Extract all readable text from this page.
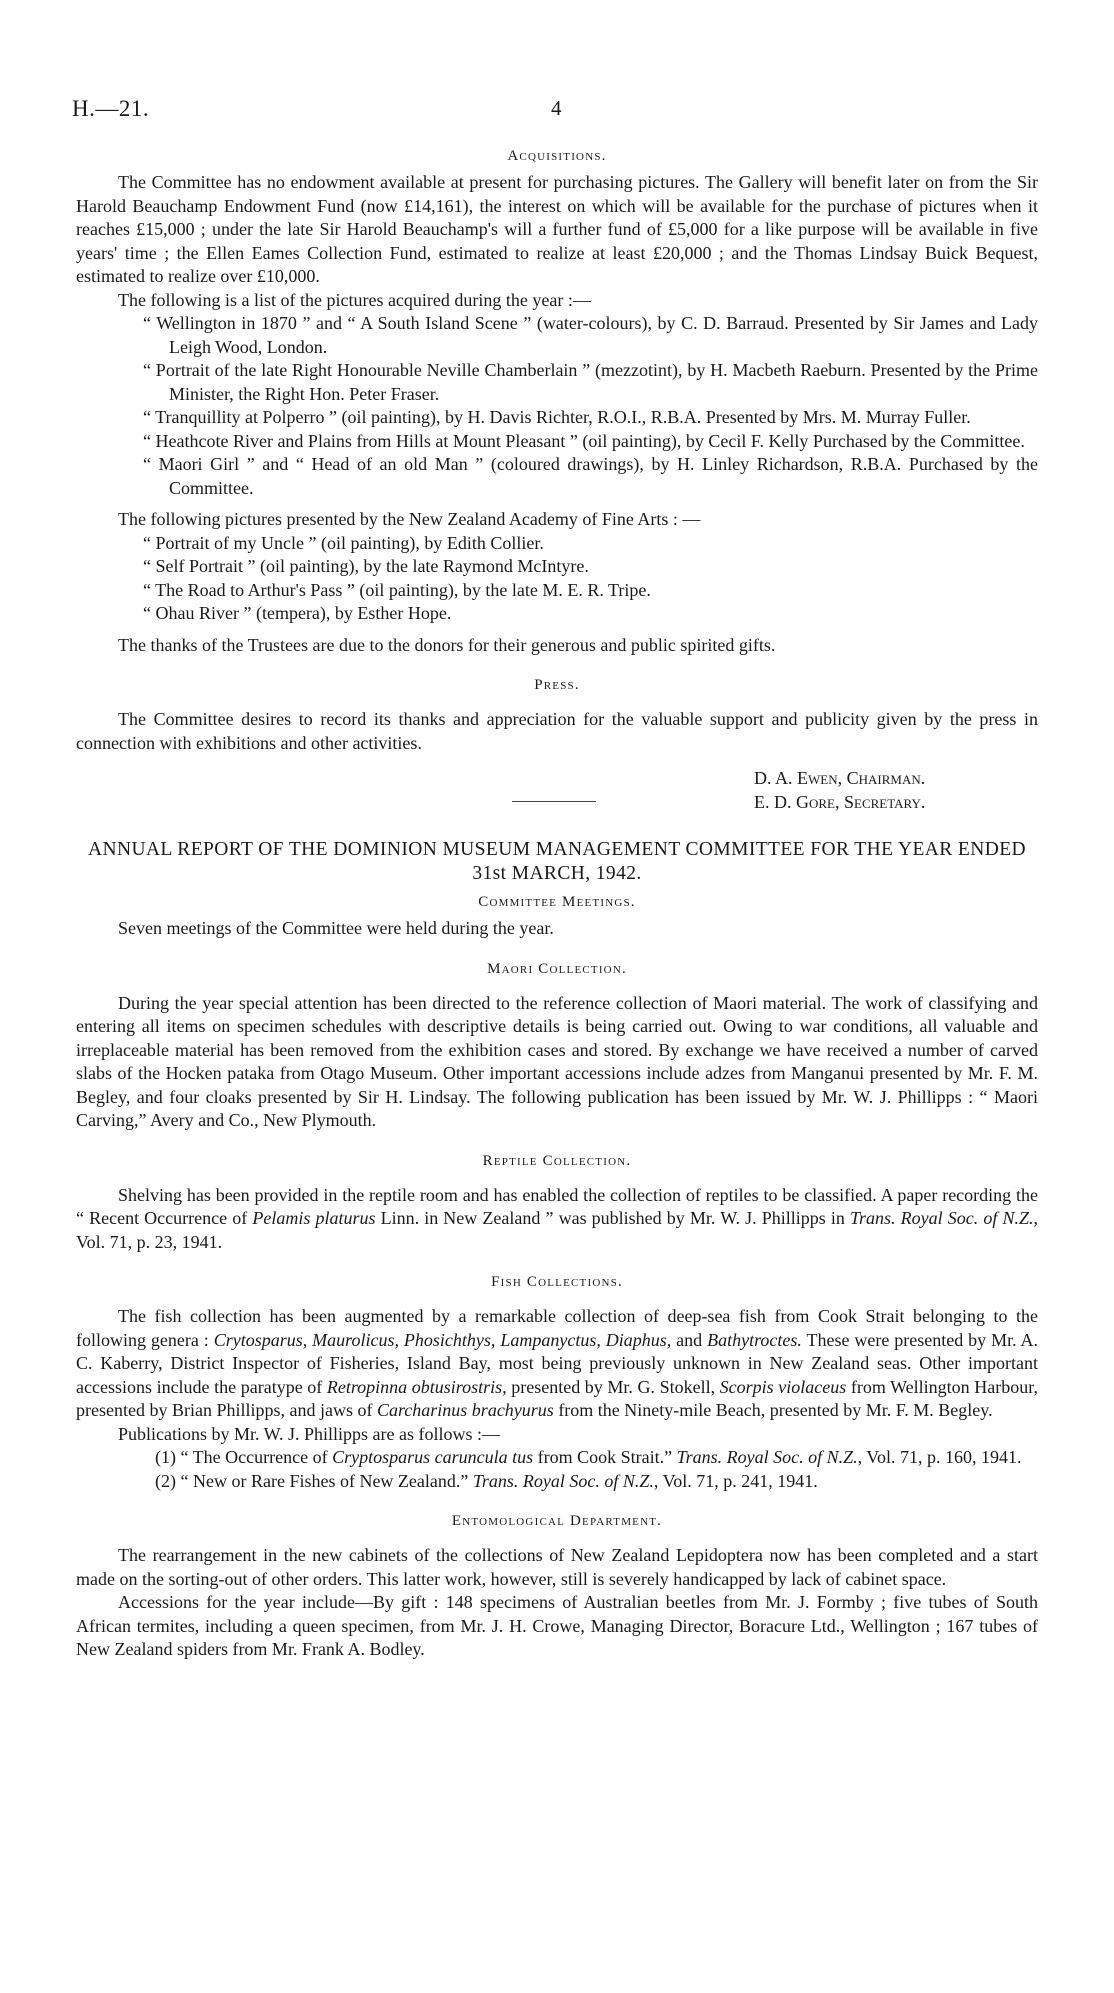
H.—21.	4
Acquisitions.

The Committee has no endowment available at present for purchasing pictures. The Gallery will benefit later on from the Sir Harold Beauchamp Endowment Fund (now £14,161), the interest on which will be available for the purchase of pictures when it reaches £15,000 ; under the late Sir Harold Beauchamp's will a further fund of £5,000 for a like purpose will be available in five years' time ; the Ellen Eames Collection Fund, estimated to realize at least £20,000 ; and the Thomas Lindsay Buick Bequest, estimated to realize over £10,000.

The following is a list of the pictures acquired during the year :—

“ Wellington in 1870 ” and “ A South Island Scene ” (water-colours), by C. D. Barraud. Presented by Sir James and Lady Leigh Wood, London.

“ Portrait of the late Right Honourable Neville Chamberlain ” (mezzotint), by H. Macbeth Raeburn. Presented by the Prime Minister, the Right Hon. Peter Fraser.

“ Tranquillity at Polperro ” (oil painting), by H. Davis Richter, R.O.I., R.B.A. Presented by Mrs. M. Murray Fuller.

“ Heathcote River and Plains from Hills at Mount Pleasant ” (oil painting), by Cecil F. Kelly Purchased by the Committee.

“ Maori Girl ” and “ Head of an old Man ” (coloured drawings), by H. Linley Richardson, R.B.A. Purchased by the Committee.

The following pictures presented by the New Zealand Academy of Fine Arts : —

“ Portrait of my Uncle ” (oil painting), by Edith Collier.

“ Self Portrait ” (oil painting), by the late Raymond McIntyre.

“ The Road to Arthur's Pass ” (oil painting), by the late M. E. R. Tripe.

“ Ohau River ” (tempera), by Esther Hope.

The thanks of the Trustees are due to the donors for their generous and public spirited gifts.

Press.

The Committee desires to record its thanks and appreciation for the valuable support and publicity given by the press in connection with exhibitions and other activities.

D. A. Ewen, Chairman.

E. D. Gore, Secretary.

ANNUAL REPORT OF THE DOMINION MUSEUM MANAGEMENT COMMITTEE FOR THE YEAR ENDED 31st MARCH, 1942.
Committee Meetings.

Seven meetings of the Committee were held during the year.

Maori Collection.

During the year special attention has been directed to the reference collection of Maori material. The work of classifying and entering all items on specimen schedules with descriptive details is being carried out. Owing to war conditions, all valuable and irreplaceable material has been removed from the exhibition cases and stored. By exchange we have received a number of carved slabs of the Hocken pataka from Otago Museum. Other important accessions include adzes from Manganui presented by Mr. F. M. Begley, and four cloaks presented by Sir H. Lindsay. The following publication has been issued by Mr. W. J. Phillipps : “ Maori Carving,” Avery and Co., New Plymouth.

Reptile Collection.

Shelving has been provided in the reptile room and has enabled the collection of reptiles to be classified. A paper recording the “ Recent Occurrence of Pelamis platurus Linn. in New Zealand ” was published by Mr. W. J. Phillipps in Trans. Royal Soc. of N.Z., Vol. 71, p. 23, 1941.

Fish Collections.

The fish collection has been augmented by a remarkable collection of deep-sea fish from Cook Strait belonging to the following genera : Crytosparus, Maurolicus, Phosichthys, Lampanyctus, Diaphus, and Bathytroctes. These were presented by Mr. A. C. Kaberry, District Inspector of Fisheries, Island Bay, most being previously unknown in New Zealand seas. Other important accessions include the paratype of Retropinna obtusirostris, presented by Mr. G. Stokell, Scorpis violaceus from Wellington Harbour, presented by Brian Phillipps, and jaws of Carcharinus brachyurus from the Ninety-mile Beach, presented by Mr. F. M. Begley.

Publications by Mr. W. J. Phillipps are as follows :—

(1) “ The Occurrence of Cryptosparus caruncula tus from Cook Strait.” Trans. Royal Soc. of N.Z., Vol. 71, p. 160, 1941.

(2) “ New or Rare Fishes of New Zealand.” Trans. Royal Soc. of N.Z., Vol. 71, p. 241, 1941.

Entomological Department.

The rearrangement in the new cabinets of the collections of New Zealand Lepidoptera now has been completed and a start made on the sorting-out of other orders. This latter work, however, still is severely handicapped by lack of cabinet space.

Accessions for the year include—By gift : 148 specimens of Australian beetles from Mr. J. Formby ; five tubes of South African termites, including a queen specimen, from Mr. J. H. Crowe, Managing Director, Boracure Ltd., Wellington ; 167 tubes of New Zealand spiders from Mr. Frank A. Bodley.
